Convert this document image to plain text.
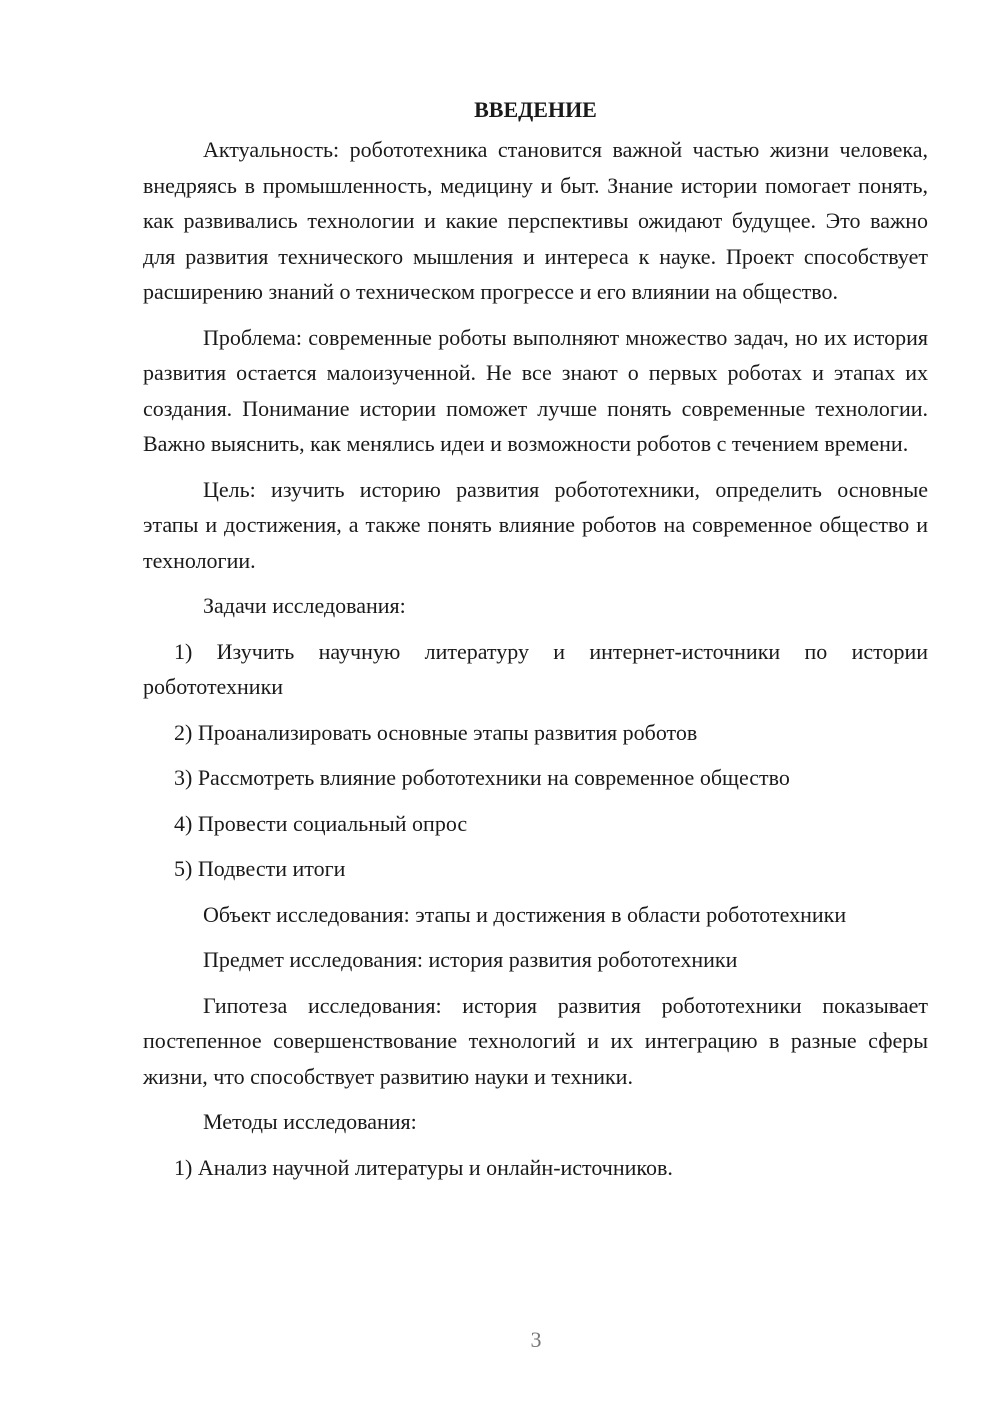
ВВЕДЕНИЕ

Актуальность: робототехника становится важной частью жизни человека, внедряясь в промышленность, медицину и быт. Знание истории помогает понять, как развивались технологии и какие перспективы ожидают будущее. Это важно для развития технического мышления и интереса к науке. Проект способствует расширению знаний о техническом прогрессе и его влиянии на общество.

Проблема: современные роботы выполняют множество задач, но их история развития остается малоизученной. Не все знают о первых роботах и этапах их создания. Понимание истории поможет лучше понять современные технологии. Важно выяснить, как менялись идеи и возможности роботов с течением времени.

Цель: изучить историю развития робототехники, определить основные этапы и достижения, а также понять влияние роботов на современное общество и технологии.

Задачи исследования:

1) Изучить научную литературу и интернет-источники по истории робототехники

2) Проанализировать основные этапы развития роботов

3) Рассмотреть влияние робототехники на современное общество

4) Провести социальный опрос

5) Подвести итоги

Объект исследования: этапы и достижения в области робототехники

Предмет исследования: история развития робототехники

Гипотеза исследования: история развития робототехники показывает постепенное совершенствование технологий и их интеграцию в разные сферы жизни, что способствует развитию науки и техники.

Методы исследования:

1) Анализ научной литературы и онлайн-источников.

3
